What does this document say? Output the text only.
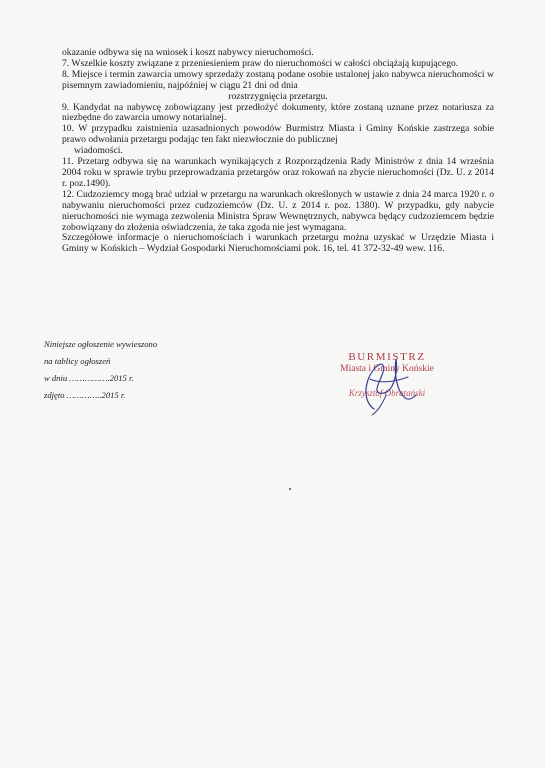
okazanie odbywa się na wniosek i koszt nabywcy nieruchomości.

7. Wszelkie koszty związane z przeniesieniem praw do nieruchomości w całości obciążają kupującego.

8. Miejsce i termin zawarcia umowy sprzedaży zostaną podane osobie ustalonej jako nabywca nieruchomości w pisemnym zawiadomieniu, najpóźniej w ciągu 21 dni od dnia

rozstrzygnięcia przetargu.

9. Kandydat na nabywcę zobowiązany jest przedłożyć dokumenty, które zostaną uznane przez notariusza za niezbędne do zawarcia umowy notarialnej.

10. W przypadku zaistnienia uzasadnionych powodów Burmistrz Miasta i Gminy Końskie zastrzega sobie prawo odwołania przetargu podając ten fakt niezwłocznie do publicznej

wiadomości.

11. Przetarg odbywa się na warunkach wynikających z Rozporządzenia Rady Ministrów z dnia 14 września 2004 roku w sprawie trybu przeprowadzania przetargów oraz rokowań na zbycie nieruchomości (Dz. U. z 2014 r. poz.1490).

12. Cudzoziemcy mogą brać udział w przetargu na warunkach określonych w ustawie z dnia 24 marca 1920 r. o nabywaniu nieruchomości przez cudzoziemców (Dz. U. z 2014 r. poz. 1380). W przypadku, gdy nabycie nieruchomości nie wymaga zezwolenia Ministra Spraw Wewnętrznych, nabywca będący cudzoziemcem będzie zobowiązany do złożenia oświadczenia, że taka zgoda nie jest wymagana.

Szczegółowe informacje o nieruchomościach i warunkach przetargu można uzyskać w Urzędzie Miasta i Gminy w Końskich – Wydział Gospodarki Nieruchomościami pok. 16, tel. 41 372-32-49 wew. 116.

Niniejsze ogłoszenie wywieszono
na tablicy ogłoszeń
w dniu …………….2015 r.
zdjęto …………..2015 r.
BURMISTRZ
Miasta i Gminy Końskie
Krzysztof Obratański
